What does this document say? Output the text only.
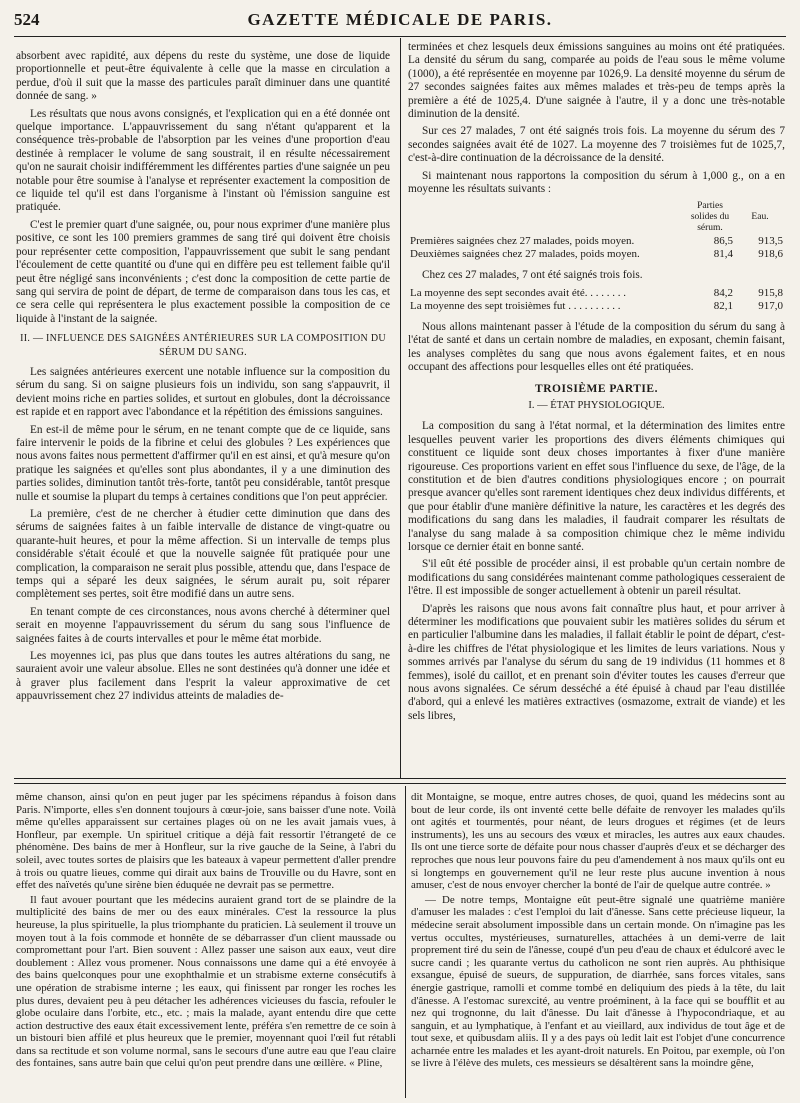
524	GAZETTE MÉDICALE DE PARIS.

absorbent avec rapidité, aux dépens du reste du système, une dose de liquide proportionnelle et peut-être équivalente à celle que la masse en circulation a perdue, d'où il suit que la masse des particules paraît diminuer dans une quantité donnée de sang. »

Les résultats que nous avons consignés, et l'explication qui en a été donnée ont quelque importance. L'appauvrissement du sang n'étant qu'apparent et la conséquence très-probable de l'absorption par les veines d'une proportion d'eau destinée à remplacer le volume de sang soustrait, il en résulte nécessairement qu'on ne saurait choisir indifféremment les différentes parties d'une saignée un peu notable pour être soumise à l'analyse et représenter exactement la composition de ce liquide tel qu'il est dans l'organisme à l'instant où l'émission sanguine est pratiquée.

C'est le premier quart d'une saignée, ou, pour nous exprimer d'une manière plus positive, ce sont les 100 premiers grammes de sang tiré qui doivent être choisis pour représenter cette composition, l'appauvrissement que subit le sang pendant l'écoulement de cette quantité ou d'une qui en diffère peu est tellement faible qu'il peut être négligé sans inconvénients ; c'est donc la composition de cette partie de sang qui servira de point de départ, de terme de comparaison dans tous les cas, et ce sera celle qui représentera le plus exactement possible la composition de ce liquide à l'instant de la saignée.

II. — INFLUENCE DES SAIGNÉES ANTÉRIEURES SUR LA COMPOSITION DU SÉRUM DU SANG.

Les saignées antérieures exercent une notable influence sur la composition du sérum du sang. Si on saigne plusieurs fois un individu, son sang s'appauvrit, il devient moins riche en parties solides, et surtout en globules, dont la décroissance est rapide et en rapport avec l'abondance et la répétition des émissions sanguines.

En est-il de même pour le sérum, en ne tenant compte que de ce liquide, sans faire intervenir le poids de la fibrine et celui des globules ? Les expériences que nous avons faites nous permettent d'affirmer qu'il en est ainsi, et qu'à mesure qu'on pratique les saignées et qu'elles sont plus abondantes, il y a une diminution des parties solides, diminution tantôt très-forte, tantôt peu considérable, tantôt presque nulle et soumise la plupart du temps à certaines conditions que l'on peut apprécier.

La première, c'est de ne chercher à étudier cette diminution que dans des sérums de saignées faites à un faible intervalle de distance de vingt-quatre ou quarante-huit heures, et pour la même affection. Si un intervalle de temps plus considérable s'était écoulé et que la nouvelle saignée fût pratiquée pour une complication, la comparaison ne serait plus possible, attendu que, dans l'espace de temps qui a séparé les deux saignées, le sérum aurait pu, soit réparer complètement ses pertes, soit être modifié dans un autre sens.

En tenant compte de ces circonstances, nous avons cherché à déterminer quel serait en moyenne l'appauvrissement du sérum du sang sous l'influence de saignées faites à de courts intervalles et pour le même état morbide.

Les moyennes ici, pas plus que dans toutes les autres altérations du sang, ne sauraient avoir une valeur absolue. Elles ne sont destinées qu'à donner une idée et à graver plus facilement dans l'esprit la valeur approximative de cet appauvrissement chez 27 individus atteints de maladies de-

terminées et chez lesquels deux émissions sanguines au moins ont été pratiquées. La densité du sérum du sang, comparée au poids de l'eau sous le même volume (1000), a été représentée en moyenne par 1026,9. La densité moyenne du sérum de 27 secondes saignées faites aux mêmes malades et très-peu de temps après la première a été de 1025,4. D'une saignée à l'autre, il y a donc une très-notable diminution de la densité.

Sur ces 27 malades, 7 ont été saignés trois fois. La moyenne du sérum des 7 secondes saignées avait été de 1027. La moyenne des 7 troisièmes fut de 1025,7, c'est-à-dire continuation de la décroissance de la densité.

Si maintenant nous rapportons la composition du sérum à 1,000 g., on a en moyenne les résultats suivants :

	Parties solides du sérum.	Eau.
Premières saignées chez 27 malades, poids moyen.	86,5	913,5
Deuxièmes saignées chez 27 malades, poids moyen.	81,4	918,6

Chez ces 27 malades, 7 ont été saignés trois fois.

La moyenne des sept secondes avait été. . . . . . . .	84,2	915,8
La moyenne des sept troisièmes fut . . . . . . . . . .	82,1	917,0

Nous allons maintenant passer à l'étude de la composition du sérum du sang à l'état de santé et dans un certain nombre de maladies, en exposant, chemin faisant, les analyses complètes du sang que nous avons également faites, et en nous occupant des affections pour lesquelles elles ont été pratiquées.

TROISIÈME PARTIE.
I. — ÉTAT PHYSIOLOGIQUE.

La composition du sang à l'état normal, et la détermination des limites entre lesquelles peuvent varier les proportions des divers éléments chimiques qui constituent ce liquide sont deux choses importantes à fixer d'une manière rigoureuse. Ces proportions varient en effet sous l'influence du sexe, de l'âge, de la constitution et de bien d'autres conditions physiologiques encore ; on pourrait presque avancer qu'elles sont rarement identiques chez deux individus différents, et que pour établir d'une manière définitive la nature, les caractères et les degrés des modifications du sang dans les maladies, il faudrait comparer les résultats de l'analyse du sang malade à sa composition chimique chez le même individu lorsque ce dernier était en bonne santé.

S'il eût été possible de procéder ainsi, il est probable qu'un certain nombre de modifications du sang considérées maintenant comme pathologiques cesseraient de l'être. Il est impossible de songer actuellement à obtenir un pareil résultat.

D'après les raisons que nous avons fait connaître plus haut, et pour arriver à déterminer les modifications que pouvaient subir les matières solides du sérum et en particulier l'albumine dans les maladies, il fallait établir le point de départ, c'est-à-dire les chiffres de l'état physiologique et les limites de leurs variations. Nous y sommes arrivés par l'analyse du sérum du sang de 19 individus (11 hommes et 8 femmes), isolé du caillot, et en prenant soin d'éviter toutes les causes d'erreur que nous avons signalées. Ce sérum desséché a été épuisé à chaud par l'eau distillée d'abord, qui a enlevé les matières extractives (osmazome, extrait de viande) et les sels libres,

même chanson, ainsi qu'on en peut juger par les spécimens répandus à foison dans Paris. N'importe, elles s'en donnent toujours à cœur-joie, sans baisser d'une note. Voilà même qu'elles apparaissent sur certaines plages où on ne les avait jamais vues, à Honfleur, par exemple. Un spirituel critique a déjà fait ressortir l'étrangeté de ce phénomène. Des bains de mer à Honfleur, sur la rive gauche de la Seine, à l'abri du soleil, avec toutes sortes de plaisirs que les bateaux à vapeur permettent d'aller prendre à trois ou quatre lieues, comme qui dirait aux bains de Trouville ou du Havre, sont en effet des naïvetés qu'une sirène bien éduquée ne devrait pas se permettre.

Il faut avouer pourtant que les médecins auraient grand tort de se plaindre de la multiplicité des bains de mer ou des eaux minérales. C'est la ressource la plus heureuse, la plus spirituelle, la plus triomphante du praticien. Là seulement il trouve un moyen tout à la fois commode et honnête de se débarrasser d'un client maussade ou compromettant pour l'art. Bien souvent : Allez passer une saison aux eaux, veut dire doublement : Allez vous promener. Nous connaissons une dame qui a été envoyée à des bains quelconques pour une exophthalmie et un strabisme externe consécutifs à une opération de strabisme interne ; les eaux, qui finissent par ronger les roches les plus dures, devaient peu à peu détacher les adhérences vicieuses du fascia, refouler le globe oculaire dans l'orbite, etc., etc. ; mais la malade, ayant entendu dire que cette action destructive des eaux était excessivement lente, préféra s'en remettre de ce soin à un bistouri bien affilé et plus heureux que le premier, moyennant quoi l'œil fut rétabli dans sa rectitude et son volume normal, sans le secours d'une autre eau que l'eau claire des fontaines, sans autre bain que celui qu'on peut prendre dans une œillère. « Pline,

dit Montaigne, se moque, entre autres choses, de quoi, quand les médecins sont au bout de leur corde, ils ont inventé cette belle défaite de renvoyer les malades qu'ils ont agités et tourmentés, pour néant, de leurs drogues et régimes (et de leurs instruments), les uns au secours des vœux et miracles, les autres aux eaux chaudes. Ils ont une tierce sorte de défaite pour nous chasser d'auprès d'eux et se décharger des reproches que nous leur pouvons faire du peu d'amendement à nos maux qu'ils ont eu si longtemps en gouvernement qu'il ne leur reste plus aucune invention à nous amuser, c'est de nous envoyer chercher la bonté de l'air de quelque autre contrée. »

— De notre temps, Montaigne eût peut-être signalé une quatrième manière d'amuser les malades : c'est l'emploi du lait d'ânesse. Sans cette précieuse liqueur, la médecine serait absolument impossible dans un certain monde. On n'imagine pas les vertus occultes, mystérieuses, surnaturelles, attachées à un demi-verre de lait proprement tiré du sein de l'ânesse, coupé d'un peu d'eau de chaux et édulcoré avec le sucre candi ; les quarante vertus du catholicon ne sont rien auprès. Au phthisique exsangue, épuisé de sueurs, de suppuration, de diarrhée, sans forces vitales, sans énergie gastrique, ramolli et comme tombé en deliquium des pieds à la tête, du lait d'ânesse. A l'estomac surexcité, au ventre proéminent, à la face qui se boufflit et au nez qui trognonne, du lait d'ânesse. Du lait d'ânesse à l'hypocondriaque, et au sanguin, et au lymphatique, à l'enfant et au vieillard, aux individus de tout âge et de tout sexe, et quibusdam aliis. Il y a des pays où ledit lait est l'objet d'une concurrence acharnée entre les malades et les ayant-droit naturels. En Poitou, par exemple, où l'on se livre à l'élève des mulets, ces messieurs se désaltèrent sans la moindre gêne,
